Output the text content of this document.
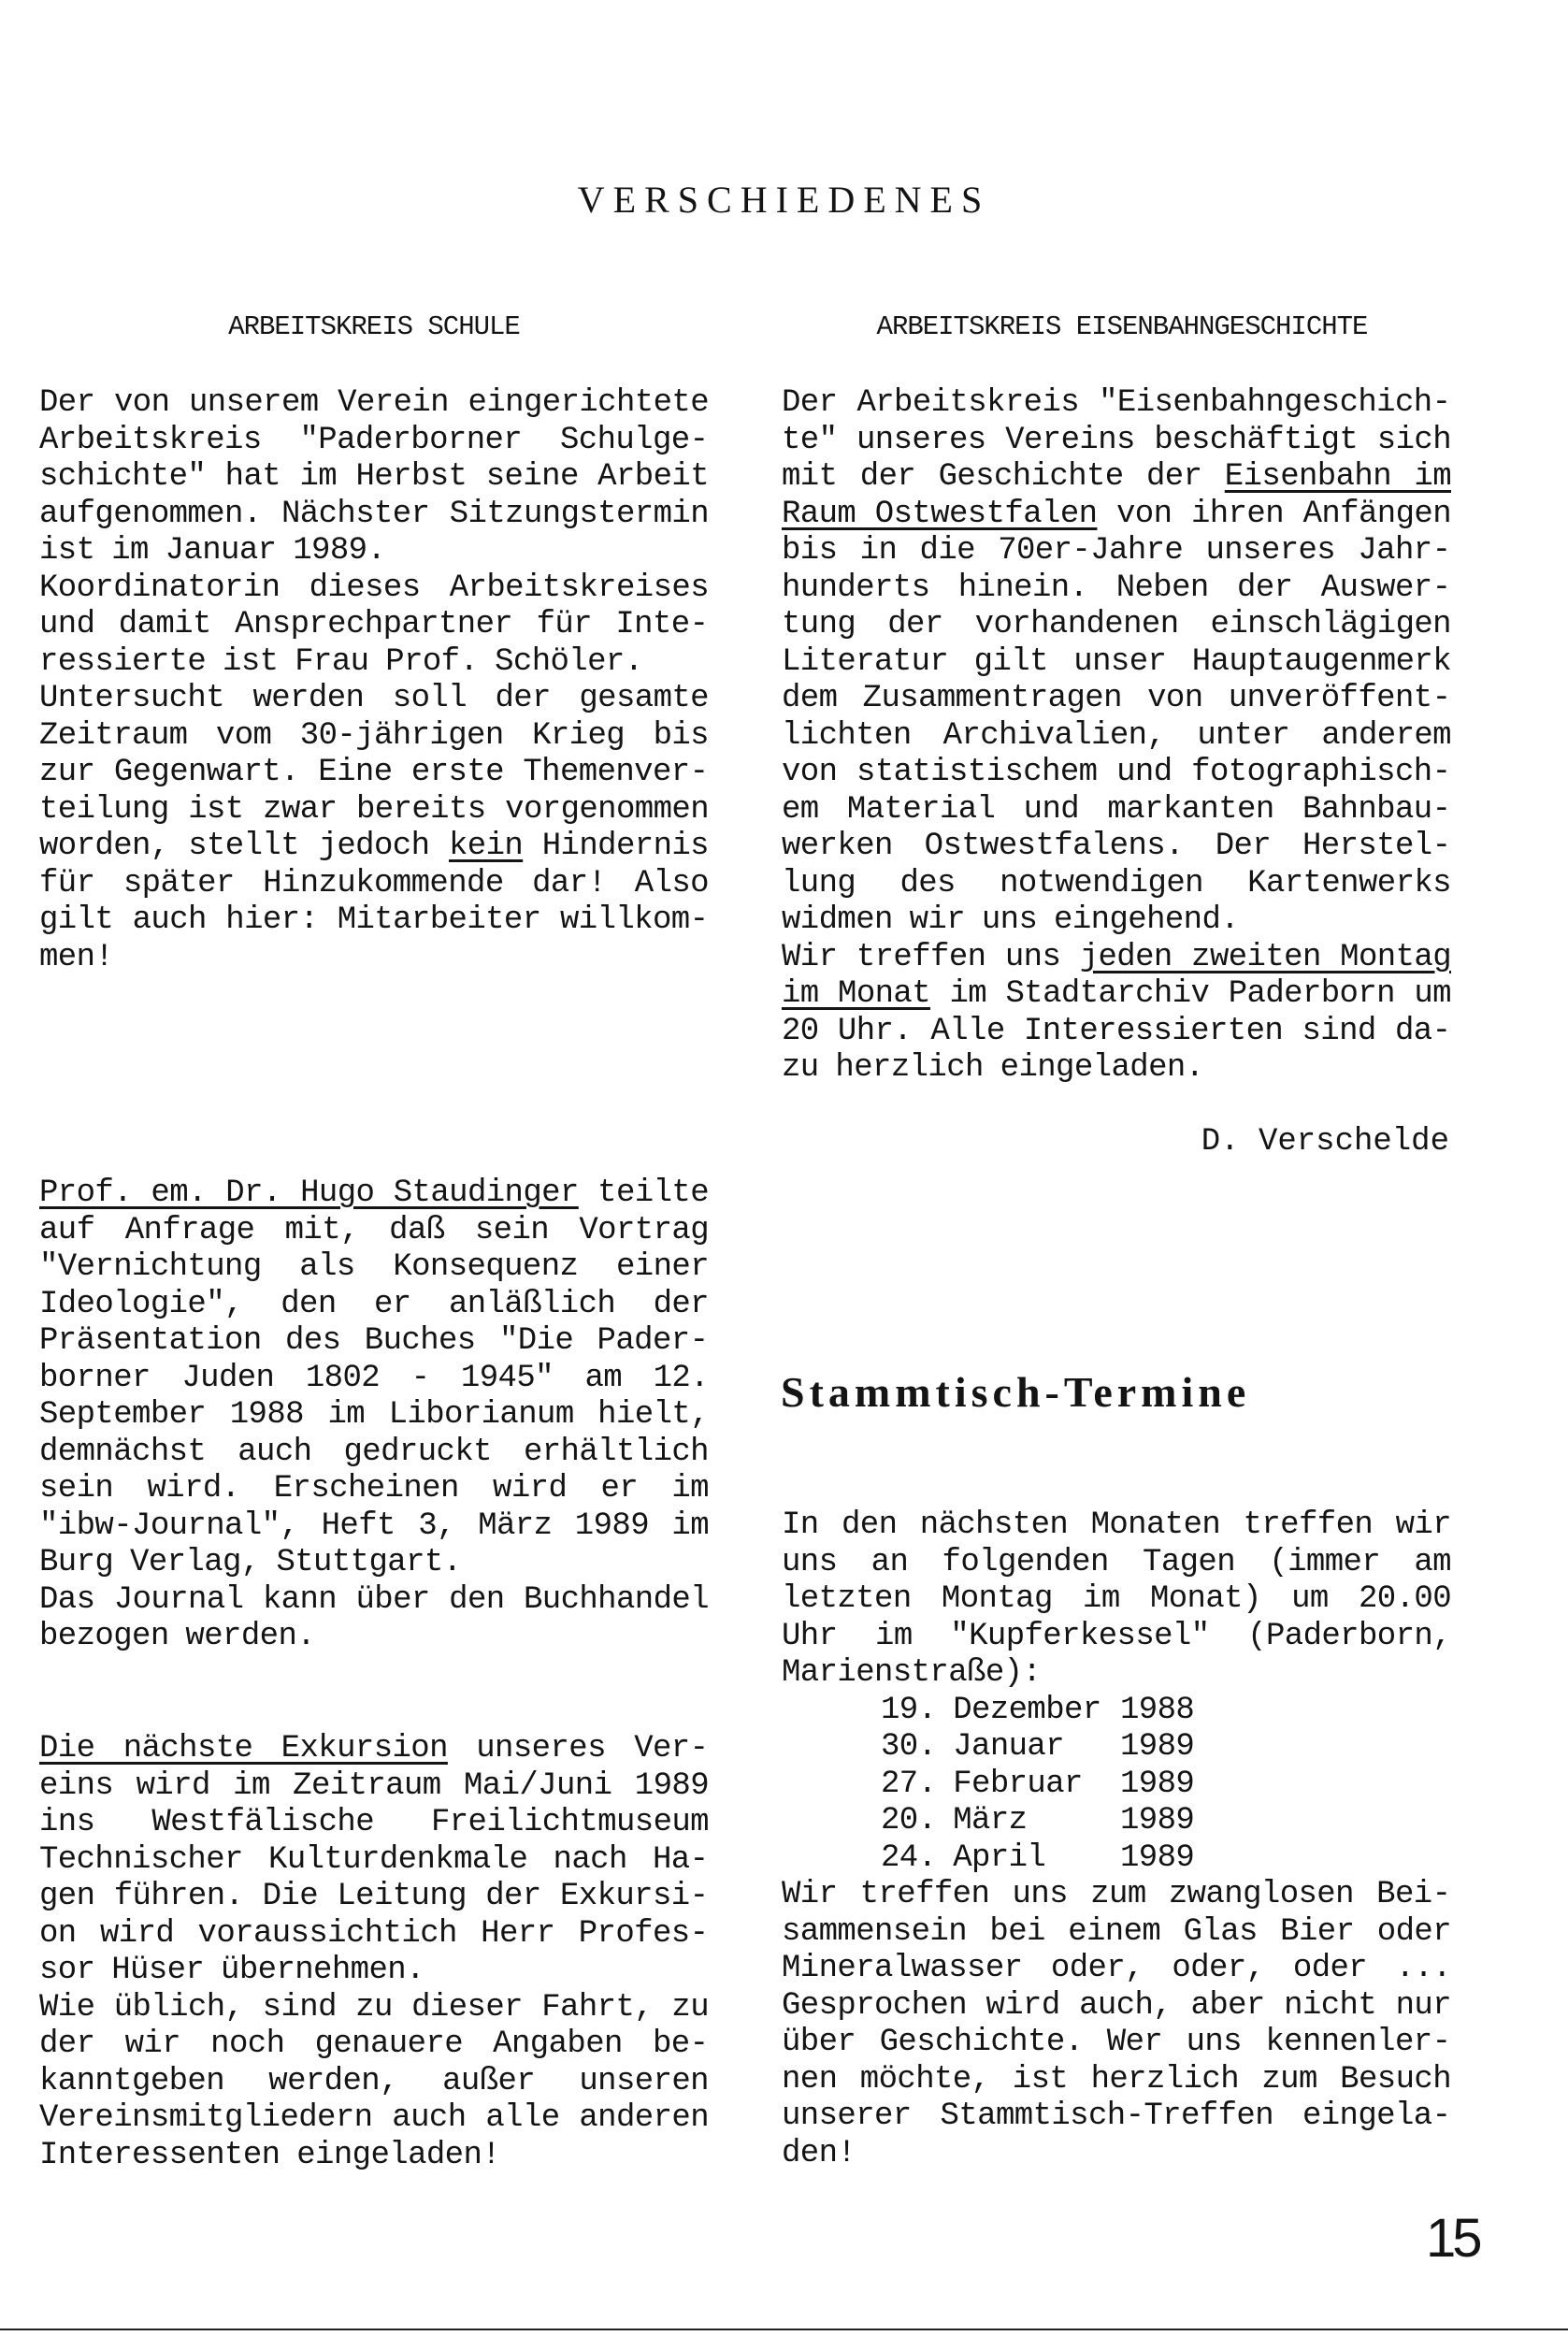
VERSCHIEDENES
ARBEITSKREIS SCHULE

Der von unserem Verein eingerichtete Arbeitskreis "Paderborner Schulgeschichte" hat im Herbst seine Arbeit aufgenommen. Nächster Sitzungstermin ist im Januar 1989.

Koordinatorin dieses Arbeitskreises und damit Ansprechpartner für Interessierte ist Frau Prof. Schöler.

Untersucht werden soll der gesamte Zeitraum vom 30-jährigen Krieg bis zur Gegenwart. Eine erste Themenverteilung ist zwar bereits vorgenommen worden, stellt jedoch kein Hindernis für später Hinzukommende dar! Also gilt auch hier: Mitarbeiter willkommen!

ARBEITSKREIS EISENBAHNGESCHICHTE

Der Arbeitskreis "Eisenbahngeschichte" unseres Vereins beschäftigt sich mit der Geschichte der Eisenbahn im Raum Ostwestfalen von ihren Anfängen bis in die 70er-Jahre unseres Jahrhunderts hinein. Neben der Auswertung der vorhandenen einschlägigen Literatur gilt unser Hauptaugenmerk dem Zusammentragen von unveröffentlichten Archivalien, unter anderem von statistischem und fotographischem Material und markanten Bahnbauwerken Ostwestfalens. Der Herstellung des notwendigen Kartenwerks widmen wir uns eingehend.

Wir treffen uns jeden zweiten Montag im Monat im Stadtarchiv Paderborn um 20 Uhr. Alle Interessierten sind dazu herzlich eingeladen.

D. Verschelde

Prof. em. Dr. Hugo Staudinger teilte auf Anfrage mit, daß sein Vortrag "Vernichtung als Konsequenz einer Ideologie", den er anläßlich der Präsentation des Buches "Die Paderborner Juden 1802 - 1945" am 12. September 1988 im Liborianum hielt, demnächst auch gedruckt erhältlich sein wird. Erscheinen wird er im "ibw-Journal", Heft 3, März 1989 im Burg Verlag, Stuttgart.

Das Journal kann über den Buchhandel bezogen werden.

Die nächste Exkursion unseres Vereins wird im Zeitraum Mai/Juni 1989 ins Westfälische Freilichtmuseum Technischer Kulturdenkmale nach Hagen führen. Die Leitung der Exkursion wird voraussichtich Herr Professor Hüser übernehmen.

Wie üblich, sind zu dieser Fahrt, zu der wir noch genauere Angaben bekanntgeben werden, außer unseren Vereinsmitgliedern auch alle anderen Interessenten eingeladen!

Stammtisch-Termine

In den nächsten Monaten treffen wir uns an folgenden Tagen (immer am letzten Montag im Monat) um 20.00 Uhr im "Kupferkessel" (Paderborn, Marienstraße):

19. Dezember 1988
30. Januar	1989
27. Februar	1989
20. März	1989
24. April	1989

Wir treffen uns zum zwanglosen Beisammensein bei einem Glas Bier oder Mineralwasser oder, oder, oder ... Gesprochen wird auch, aber nicht nur über Geschichte. Wer uns kennenlernen möchte, ist herzlich zum Besuch unserer Stammtisch-Treffen eingeladen!

15
